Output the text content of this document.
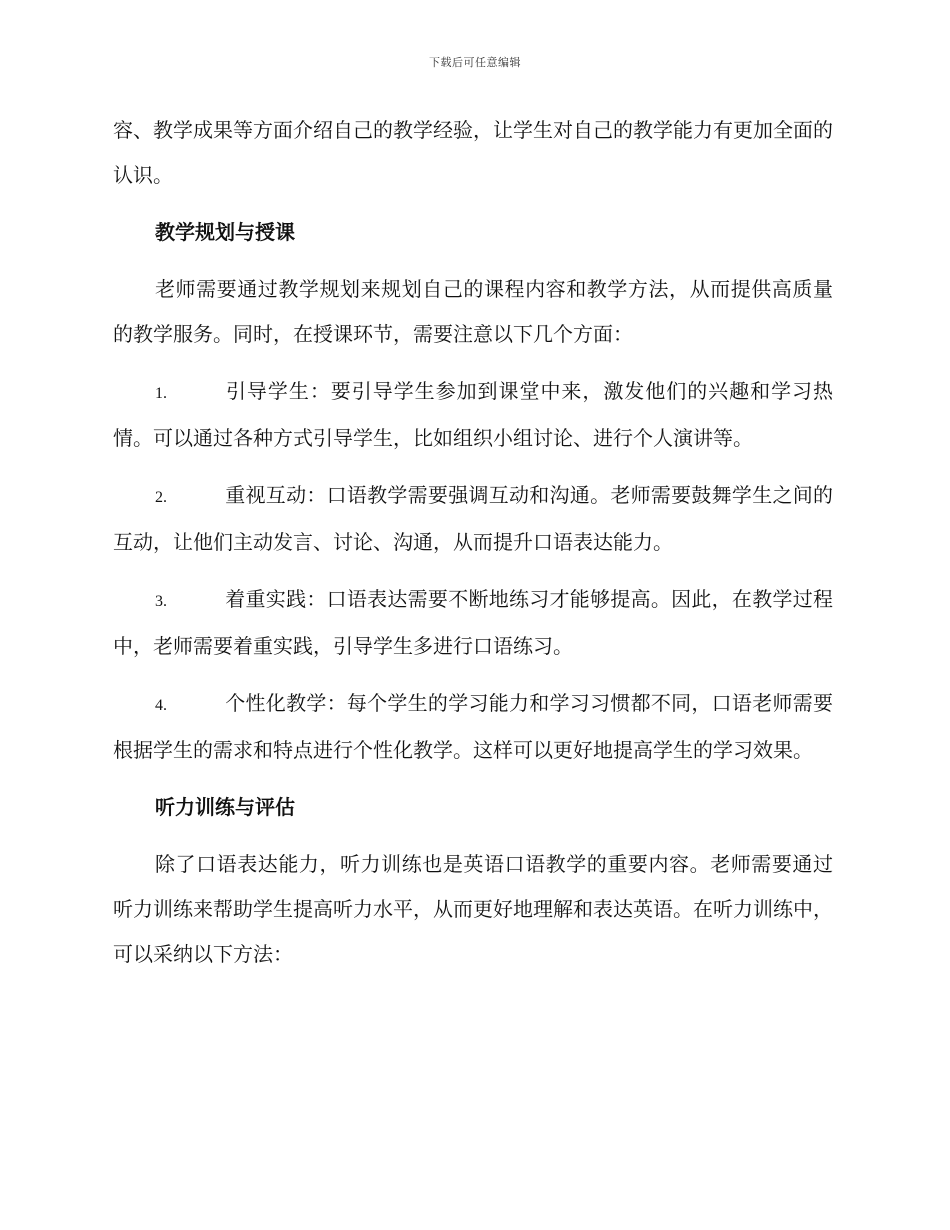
下载后可任意编辑

容、教学成果等方面介绍自己的教学经验，让学生对自己的教学能力有更加全面的认识。

教学规划与授课

老师需要通过教学规划来规划自己的课程内容和教学方法，从而提供高质量的教学服务。同时，在授课环节，需要注意以下几个方面：

1.	引导学生：要引导学生参加到课堂中来，激发他们的兴趣和学习热情。可以通过各种方式引导学生，比如组织小组讨论、进行个人演讲等。

2.	重视互动：口语教学需要强调互动和沟通。老师需要鼓舞学生之间的互动，让他们主动发言、讨论、沟通，从而提升口语表达能力。

3.	着重实践：口语表达需要不断地练习才能够提高。因此，在教学过程中，老师需要着重实践，引导学生多进行口语练习。

4.	个性化教学：每个学生的学习能力和学习习惯都不同，口语老师需要根据学生的需求和特点进行个性化教学。这样可以更好地提高学生的学习效果。

听力训练与评估

除了口语表达能力，听力训练也是英语口语教学的重要内容。老师需要通过听力训练来帮助学生提高听力水平，从而更好地理解和表达英语。在听力训练中，可以采纳以下方法：
